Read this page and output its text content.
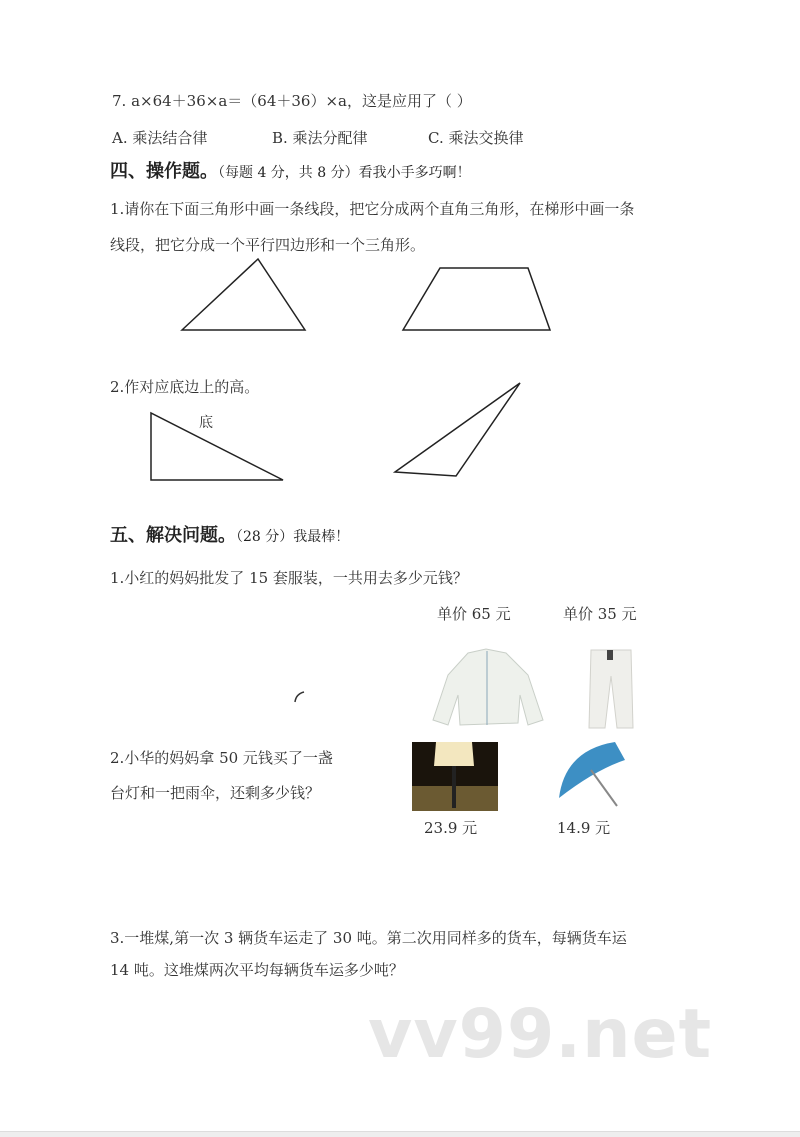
7. a×64＋36×a＝（64＋36）×a，这是应用了（ ）
A. 乘法结合律	B. 乘法分配律	C. 乘法交换律
四、操作题。（每题 4 分，共 8 分）看我小手多巧啊！
1.请你在下面三角形中画一条线段，把它分成两个直角三角形，在梯形中画一条
线段，把它分成一个平行四边形和一个三角形。
2.作对应底边上的高。
底
五、解决问题。（28 分）我最棒！
1.小红的妈妈批发了 15 套服装，一共用去多少元钱？
单价 65 元	单价 35 元
2.小华的妈妈拿 50 元钱买了一盏
台灯和一把雨伞，还剩多少钱？
23.9 元	14.9 元
3.一堆煤,第一次 3 辆货车运走了 30 吨。第二次用同样多的货车，每辆货车运
14 吨。这堆煤两次平均每辆货车运多少吨？
vv99.net
